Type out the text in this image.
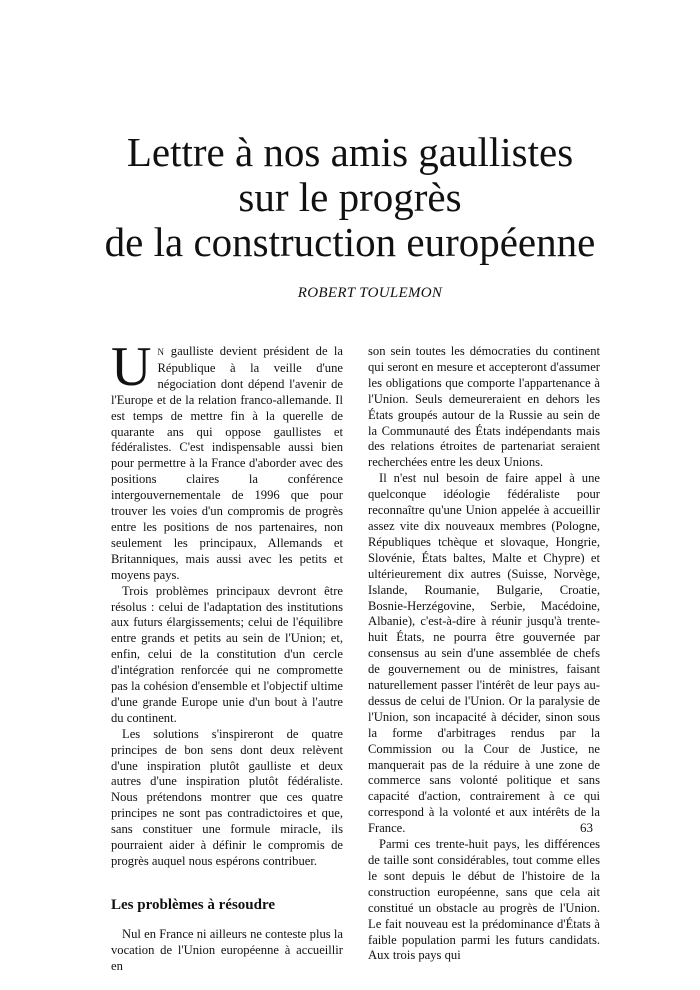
Lettre à nos amis gaullistes
sur le progrès
de la construction européenne
ROBERT TOULEMON

U N gaulliste devient président de la République à la veille d'une négociation dont dépend l'avenir de l'Europe et de la relation franco-allemande. Il est temps de mettre fin à la querelle de quarante ans qui oppose gaullistes et fédéralistes. C'est indispensable aussi bien pour permettre à la France d'aborder avec des positions claires la conférence intergouvernementale de 1996 que pour trouver les voies d'un compromis de progrès entre les positions de nos partenaires, non seulement les principaux, Allemands et Britanniques, mais aussi avec les petits et moyens pays.

Trois problèmes principaux devront être résolus : celui de l'adaptation des institutions aux futurs élargissements; celui de l'équilibre entre grands et petits au sein de l'Union; et, enfin, celui de la constitution d'un cercle d'intégration renforcée qui ne compromette pas la cohésion d'ensemble et l'objectif ultime d'une grande Europe unie d'un bout à l'autre du continent.

Les solutions s'inspireront de quatre principes de bon sens dont deux relèvent d'une inspiration plutôt gaulliste et deux autres d'une inspiration plutôt fédéraliste. Nous prétendons montrer que ces quatre principes ne sont pas contradictoires et que, sans constituer une formule miracle, ils pourraient aider à définir le compromis de progrès auquel nous espérons contribuer.

Les problèmes à résoudre

Nul en France ni ailleurs ne conteste plus la vocation de l'Union européenne à accueillir en

son sein toutes les démocraties du continent qui seront en mesure et accepteront d'assumer les obligations que comporte l'appartenance à l'Union. Seuls demeureraient en dehors les États groupés autour de la Russie au sein de la Communauté des États indépendants mais des relations étroites de partenariat seraient recherchées entre les deux Unions.

Il n'est nul besoin de faire appel à une quelconque idéologie fédéraliste pour reconnaître qu'une Union appelée à accueillir assez vite dix nouveaux membres (Pologne, Républiques tchèque et slovaque, Hongrie, Slovénie, États baltes, Malte et Chypre) et ultérieurement dix autres (Suisse, Norvège, Islande, Roumanie, Bulgarie, Croatie, Bosnie-Herzégovine, Serbie, Macédoine, Albanie), c'est-à-dire à réunir jusqu'à trente-huit États, ne pourra être gouvernée par consensus au sein d'une assemblée de chefs de gouvernement ou de ministres, faisant naturellement passer l'intérêt de leur pays au-dessus de celui de l'Union. Or la paralysie de l'Union, son incapacité à décider, sinon sous la forme d'arbitrages rendus par la Commission ou la Cour de Justice, ne manquerait pas de la réduire à une zone de commerce sans volonté politique et sans capacité d'action, contrairement à ce qui correspond à la volonté et aux intérêts de la France.

Parmi ces trente-huit pays, les différences de taille sont considérables, tout comme elles le sont depuis le début de l'histoire de la construction européenne, sans que cela ait constitué un obstacle au progrès de l'Union. Le fait nouveau est la prédominance d'États à faible population parmi les futurs candidats. Aux trois pays qui

63
